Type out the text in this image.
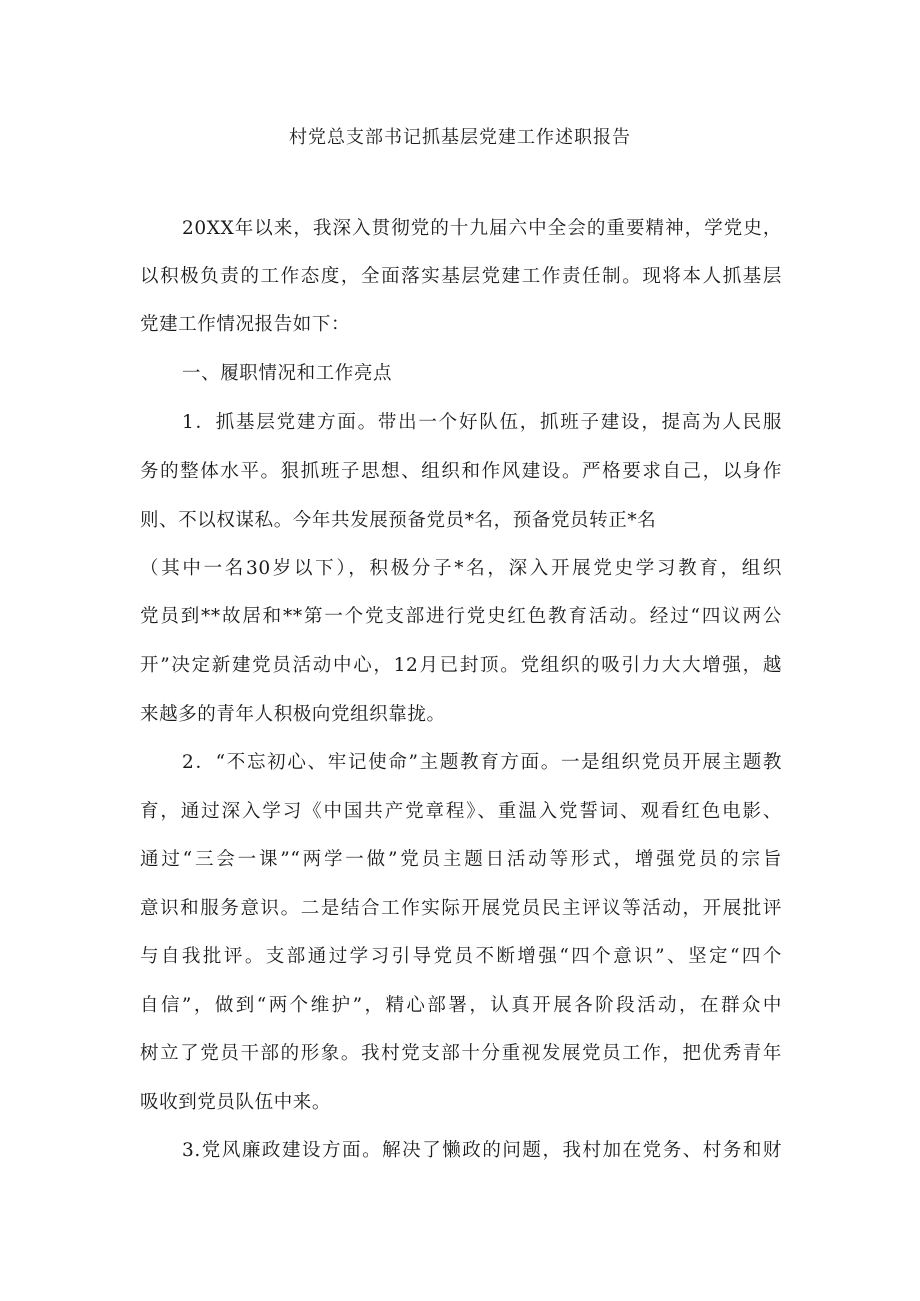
村党总支部书记抓基层党建工作述职报告
20XX年以来，我深入贯彻党的十九届六中全会的重要精神，学党史，
以积极负责的工作态度，全面落实基层党建工作责任制。现将本人抓基层
党建工作情况报告如下：
一、履职情况和工作亮点
1．抓基层党建方面。带出一个好队伍，抓班子建设，提高为人民服
务的整体水平。狠抓班子思想、组织和作风建设。严格要求自己，以身作
则、不以权谋私。今年共发展预备党员*名，预备党员转正*名
（其中一名30岁以下），积极分子*名，深入开展党史学习教育，组织
党员到**故居和**第一个党支部进行党史红色教育活动。经过“四议两公
开”决定新建党员活动中心，12月已封顶。党组织的吸引力大大增强，越
来越多的青年人积极向党组织靠拢。
2．“不忘初心、牢记使命”主题教育方面。一是组织党员开展主题教
育，通过深入学习《中国共产党章程》、重温入党誓词、观看红色电影、
通过“三会一课”“两学一做”党员主题日活动等形式，增强党员的宗旨
意识和服务意识。二是结合工作实际开展党员民主评议等活动，开展批评
与自我批评。支部通过学习引导党员不断增强“四个意识”、坚定“四个
自信”，做到“两个维护”，精心部署，认真开展各阶段活动，在群众中
树立了党员干部的形象。我村党支部十分重视发展党员工作，把优秀青年
吸收到党员队伍中来。
3.党风廉政建设方面。解决了懒政的问题，我村加在党务、村务和财
